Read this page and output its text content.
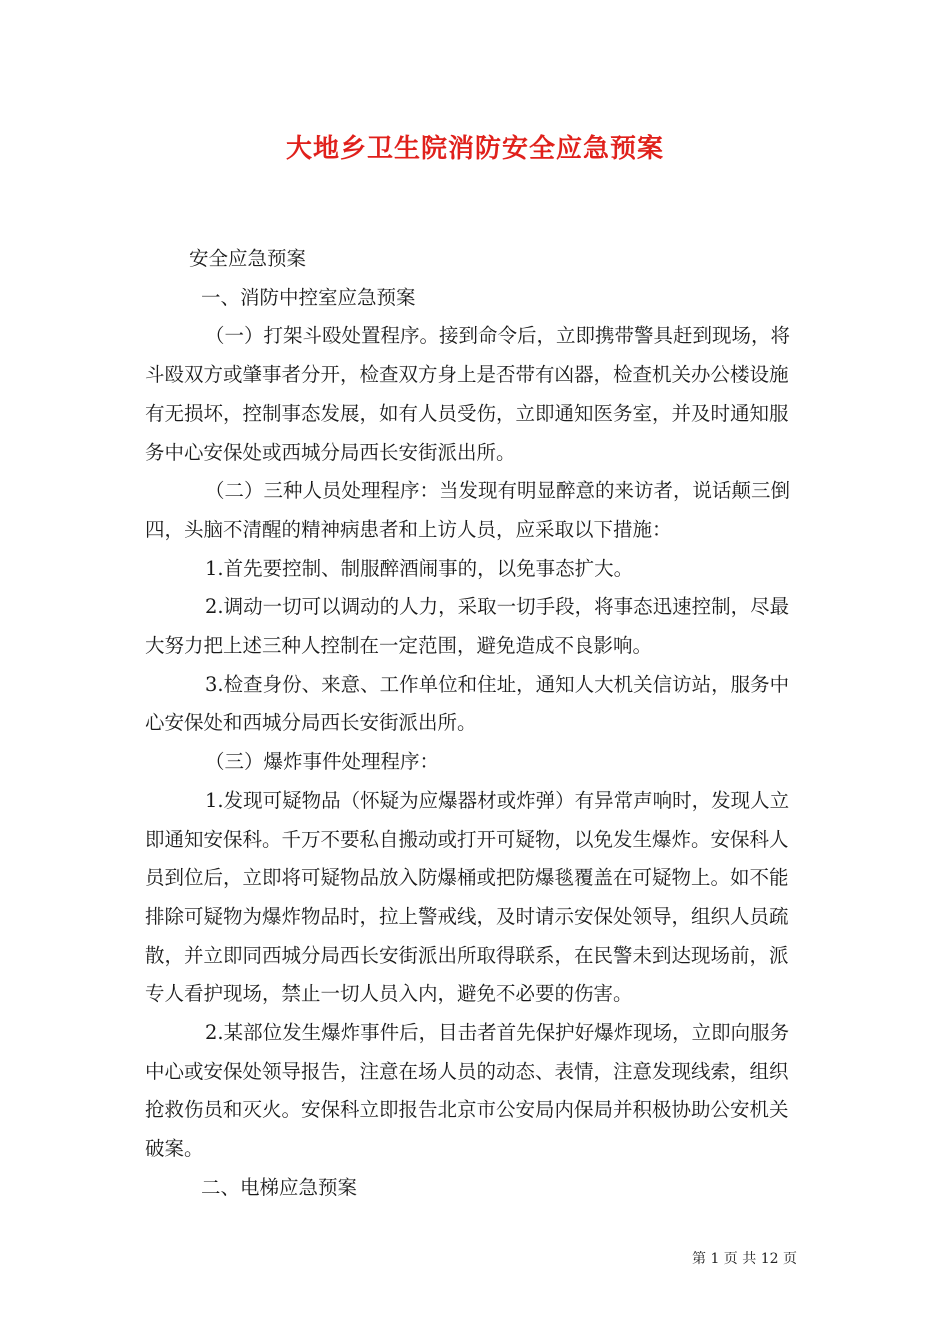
大地乡卫生院消防安全应急预案

安全应急预案

一、消防中控室应急预案

（一）打架斗殴处置程序。接到命令后，立即携带警具赶到现场，将斗殴双方或肇事者分开，检查双方身上是否带有凶器，检查机关办公楼设施有无损坏，控制事态发展，如有人员受伤，立即通知医务室，并及时通知服务中心安保处或西城分局西长安街派出所。

（二）三种人员处理程序：当发现有明显醉意的来访者，说话颠三倒四，头脑不清醒的精神病患者和上访人员，应采取以下措施：

1.首先要控制、制服醉酒闹事的，以免事态扩大。

2.调动一切可以调动的人力，采取一切手段，将事态迅速控制，尽最大努力把上述三种人控制在一定范围，避免造成不良影响。

3.检查身份、来意、工作单位和住址，通知人大机关信访站，服务中心安保处和西城分局西长安街派出所。

（三）爆炸事件处理程序：

1.发现可疑物品（怀疑为应爆器材或炸弹）有异常声响时，发现人立即通知安保科。千万不要私自搬动或打开可疑物，以免发生爆炸。安保科人员到位后，立即将可疑物品放入防爆桶或把防爆毯覆盖在可疑物上。如不能排除可疑物为爆炸物品时，拉上警戒线，及时请示安保处领导，组织人员疏散，并立即同西城分局西长安街派出所取得联系，在民警未到达现场前，派专人看护现场，禁止一切人员入内，避免不必要的伤害。

2.某部位发生爆炸事件后，目击者首先保护好爆炸现场，立即向服务中心或安保处领导报告，注意在场人员的动态、表情，注意发现线索，组织抢救伤员和灭火。安保科立即报告北京市公安局内保局并积极协助公安机关破案。

二、电梯应急预案

第 1 页 共 12 页
